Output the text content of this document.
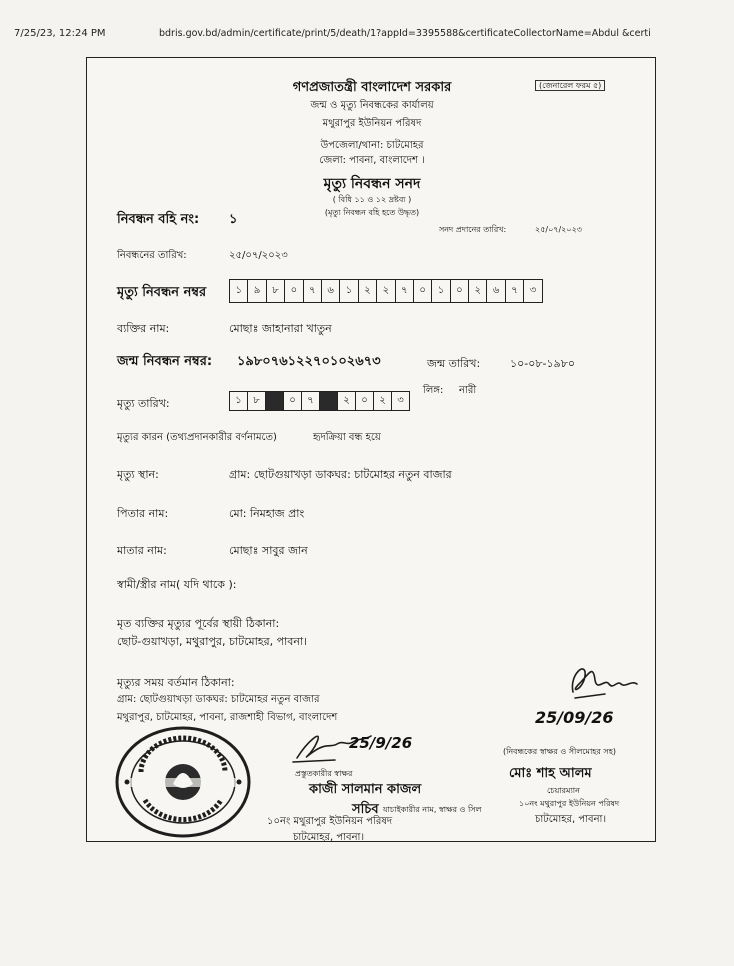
7/25/23, 12:24 PM	bdris.gov.bd/admin/certificate/print/5/death/1?appId=3395588&certificateCollectorName=Abdul &certi
গণপ্রজাতন্ত্রী বাংলাদেশ সরকার	(জেনারেল ফরম ৫)
জন্ম ও মৃত্যু নিবন্ধকের কার্যালয়
মথুরাপুর ইউনিয়ন পরিষদ
উপজেলা/থানা: চাটমোহর
জেলা: পাবনা, বাংলাদেশ ।
মৃত্যু নিবন্ধন সনদ
( বিধি ১১ ও ১২ দ্রষ্টব্য )
(মৃত্যু নিবন্ধন বহি হতে উদ্ধৃত)
নিবন্ধন বহি নং: ১
সনদ প্রদানের তারিখ:	২৫/০৭/২০২৩
নিবন্ধনের তারিখ:	২৫/০৭/২০২৩
মৃত্যু নিবন্ধন নম্বর	১	৯	৮	০	৭	৬	১	২	২	৭	০	১	০	২	৬	৭	৩
ব্যক্তির নাম:	মোছাঃ জাহানারা খাতুন
জন্ম নিবন্ধন নম্বর: ১৯৮০৭৬১২২৭০১০২৬৭৩	জন্ম তারিখ:	১০-০৮-১৯৮০
লিঙ্গ: নারী
মৃত্যু তারিখ:	১	৮	০	৭	২	০	২	৩
মৃত্যুর কারন (তথ্যপ্রদানকারীর বর্ণনামতে)	হৃদক্রিয়া বন্ধ হয়ে
মৃত্যু স্থান:	গ্রাম: ছোটগুয়াখড়া ডাকঘর: চাটমোহর নতুন বাজার
পিতার নাম:	মো: নিমহাজ প্রাং
মাতার নাম:	মোছাঃ সাবুর জান
স্বামী/স্ত্রীর নাম( যদি থাকে ):
মৃত ব্যক্তির মৃত্যুর পূর্বের স্থায়ী ঠিকানা:
ছোট-গুয়াখড়া, মথুরাপুর, চাটমোহর, পাবনা।
মৃত্যুর সময় বর্তমান ঠিকানা:
গ্রাম: ছোটগুয়াখড়া ডাকঘর: চাটমোহর নতুন বাজার
মথুরাপুর, চাটমোহর, পাবনা, রাজশাহী বিভাগ, বাংলাদেশ	25/09/26
(নিবন্ধকের স্বাক্ষর ও সীলমোহর সহ)
মোঃ শাহ আলম
চেয়ারম্যান
১০নং মথুরাপুর ইউনিয়ন পরিষদ
চাটমোহর, পাবনা।
25/9/26
প্রস্তুতকারীর স্বাক্ষর
কাজী সালমান কাজল
সচিব যাচাইকারীর নাম, স্বাক্ষর ও সিল
১০নং মথুরাপুর ইউনিয়ন পরিষদ
চাটমোহর, পাবনা।
